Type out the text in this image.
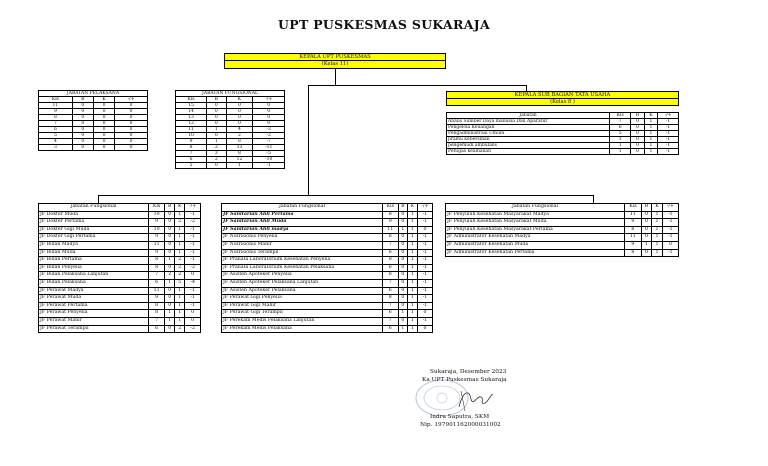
UPT PUSKESMAS SUKARAJA
KEPALA UPT PUSKESMAS
(Kelas 11)
KEPALA SUB BAGIAN TATA USAHA
(Kelas 8 )
JABATAN PELAKSANA			
Kls	B	K	-/+
11	0	0	0
9	0	0	0
8	0	0	0
7	0	0	0
6	0	0	0
5	0	0	0
4	0	0	0
3	0	0	0
JABATAN FUNGSIONAL			
Kls	B	K	-/+
15	0	0	0
14	0	0	0
13	0	0	0
12	0	0	0
11	1	4	-3
10	0	2	-2
9	1	8	-7
8	2	13	-11
7	3	8	-5
6	2	12	-10
5	0	1	-1
Jabatan	Kls	B	K	-/+
Analis Sumber Daya manusia Dan Aparatur	7	0	1	-1
Pengelola Keuangan	6	0	1	-1
Pengadministrasi Umum	5	0	1	-1
pramu kebersihan	1	0	1	-1
pengemudi ambulans	1	0	1	-1
Petugas keamanan	1	0	1	-1
Jabatan Fungsional	Kls	B	K	-/+
JF Dokter Muda	10	0	1	-1
JF Dokter Pertama	9	0	2	-2
JF Dokter Gigi Muda	10	0	1	-1
JF Dokter Gigi Pertama	9	0	1	-1
JF Bidan Madya	11	0	1	-1
JF Bidan Muda	9	0	1	-1
JF Bidan Pertama	8	1	2	-1
JF Bidan Penyelia	8	0	2	-2
JF Bidan Pelaksana Lanjutan	7	2	2	0
JF Bidan Pelaksana	6	1	5	-4
JF Perawat Madya	11	0	1	-1
JF Perawat Muda	9	0	1	-1
JF Perawat Pertama	8	0	1	-1
JF Perawat Penyelia	8	1	1	0
JF Perawat Mahir	7	1	1	0
JF Perawat Terampil	6	0	2	-2
Jabatan Fungsional	Kls	B	K	-/+
JF Sanitarian Ahli Pertama	8	0	1	-1
JF Sanitarian Ahli Muda	9	0	1	-1
JF Sanitarian Ahli madya	11	1	1	0
JF Nutrisionis Penyelia	8	0	1	-1
JF Nutrisionis Mahir	7	0	1	-1
JF Nutrisionis Terampil	6	0	1	-1
JF Pranata Laboratorium Kesehatan Penyelia	8	0	1	-1
JF Pranata Laboratorium Kesehatan Pelaksana	6	0	1	-1
JF Asisten Apoteker Penyelia	8	0	1	-1
JF Asisten Apoteker Pelaksana Lanjutan	7	0	1	-1
JF Asisten Apoteker Pelaksana	6	0	1	-1
JF Perawat Gigi Penyelia	8	0	1	-1
JF Perawat Gigi Mahir	7	0	1	-1
JF Perawat Gigi Terampil	6	1	1	0
JF Perekam Medis Pelaksana Lanjutan	7	0	1	-1
JF Perekam Medis Pelaksana	6	1	1	0
Jabatan Fungsional	Kls	B	K	-/+
JF Penyuluh Kesehatan Masyarakat Madya	11	0	1	-1
JF Penyuluh Kesehatan Masyarakat Muda	9	0	1	-1
JF Penyuluh Kesehatan Masyarakat Pertama	8	0	1	-1
JF Administrator Kesehatan Madya	11	0	1	-1
JF Administrator Kesehatan Muda	9	1	1	0
JF Administrator Kesehatan Pertama	8	0	1	-1
Sukaraja, Desember 2023
Ka UPT Puskesmas Sukaraja
Indra Saputra, SKM
Nip. 197901162000031002
